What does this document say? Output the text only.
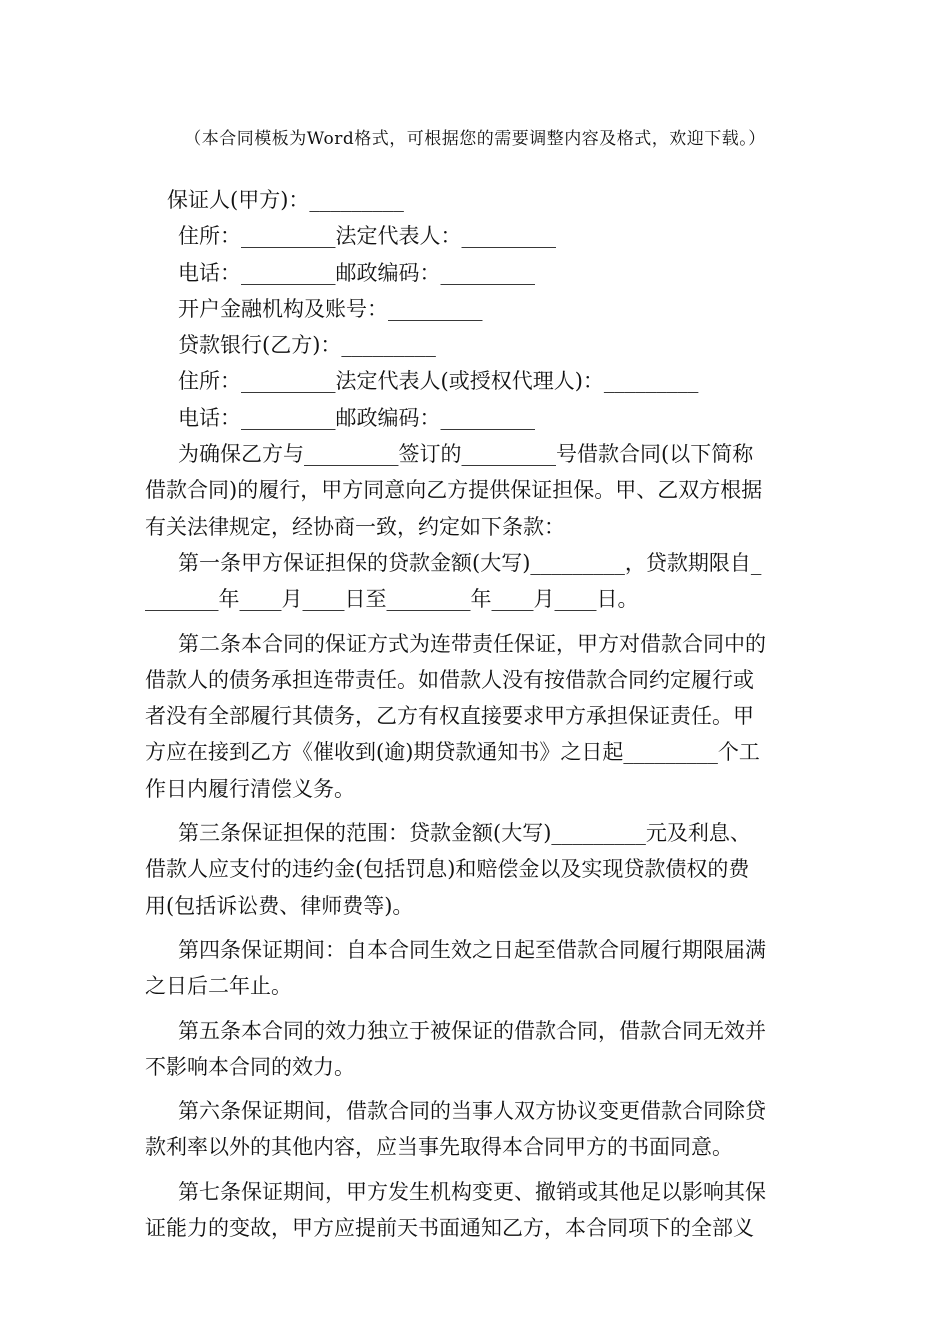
（本合同模板为Word格式，可根据您的需要调整内容及格式，欢迎下载。）
保证人(甲方)：_________
住所：_________法定代表人：_________
电话：_________邮政编码：_________
开户金融机构及账号：_________
贷款银行(乙方)：_________
住所：_________法定代表人(或授权代理人)：_________
电话：_________邮政编码：_________
为确保乙方与_________签订的_________号借款合同(以下简称
借款合同)的履行，甲方同意向乙方提供保证担保。甲、乙双方根据
有关法律规定，经协商一致，约定如下条款：
第一条甲方保证担保的贷款金额(大写)_________，贷款期限自_
_______年____月____日至________年____月____日。
第二条本合同的保证方式为连带责任保证，甲方对借款合同中的
借款人的债务承担连带责任。如借款人没有按借款合同约定履行或
者没有全部履行其债务，乙方有权直接要求甲方承担保证责任。甲
方应在接到乙方《催收到(逾)期贷款通知书》之日起_________个工
作日内履行清偿义务。
第三条保证担保的范围：贷款金额(大写)_________元及利息、
借款人应支付的违约金(包括罚息)和赔偿金以及实现贷款债权的费
用(包括诉讼费、律师费等)。
第四条保证期间：自本合同生效之日起至借款合同履行期限届满
之日后二年止。
第五条本合同的效力独立于被保证的借款合同，借款合同无效并
不影响本合同的效力。
第六条保证期间，借款合同的当事人双方协议变更借款合同除贷
款利率以外的其他内容，应当事先取得本合同甲方的书面同意。
第七条保证期间，甲方发生机构变更、撤销或其他足以影响其保
证能力的变故，甲方应提前天书面通知乙方，本合同项下的全部义
